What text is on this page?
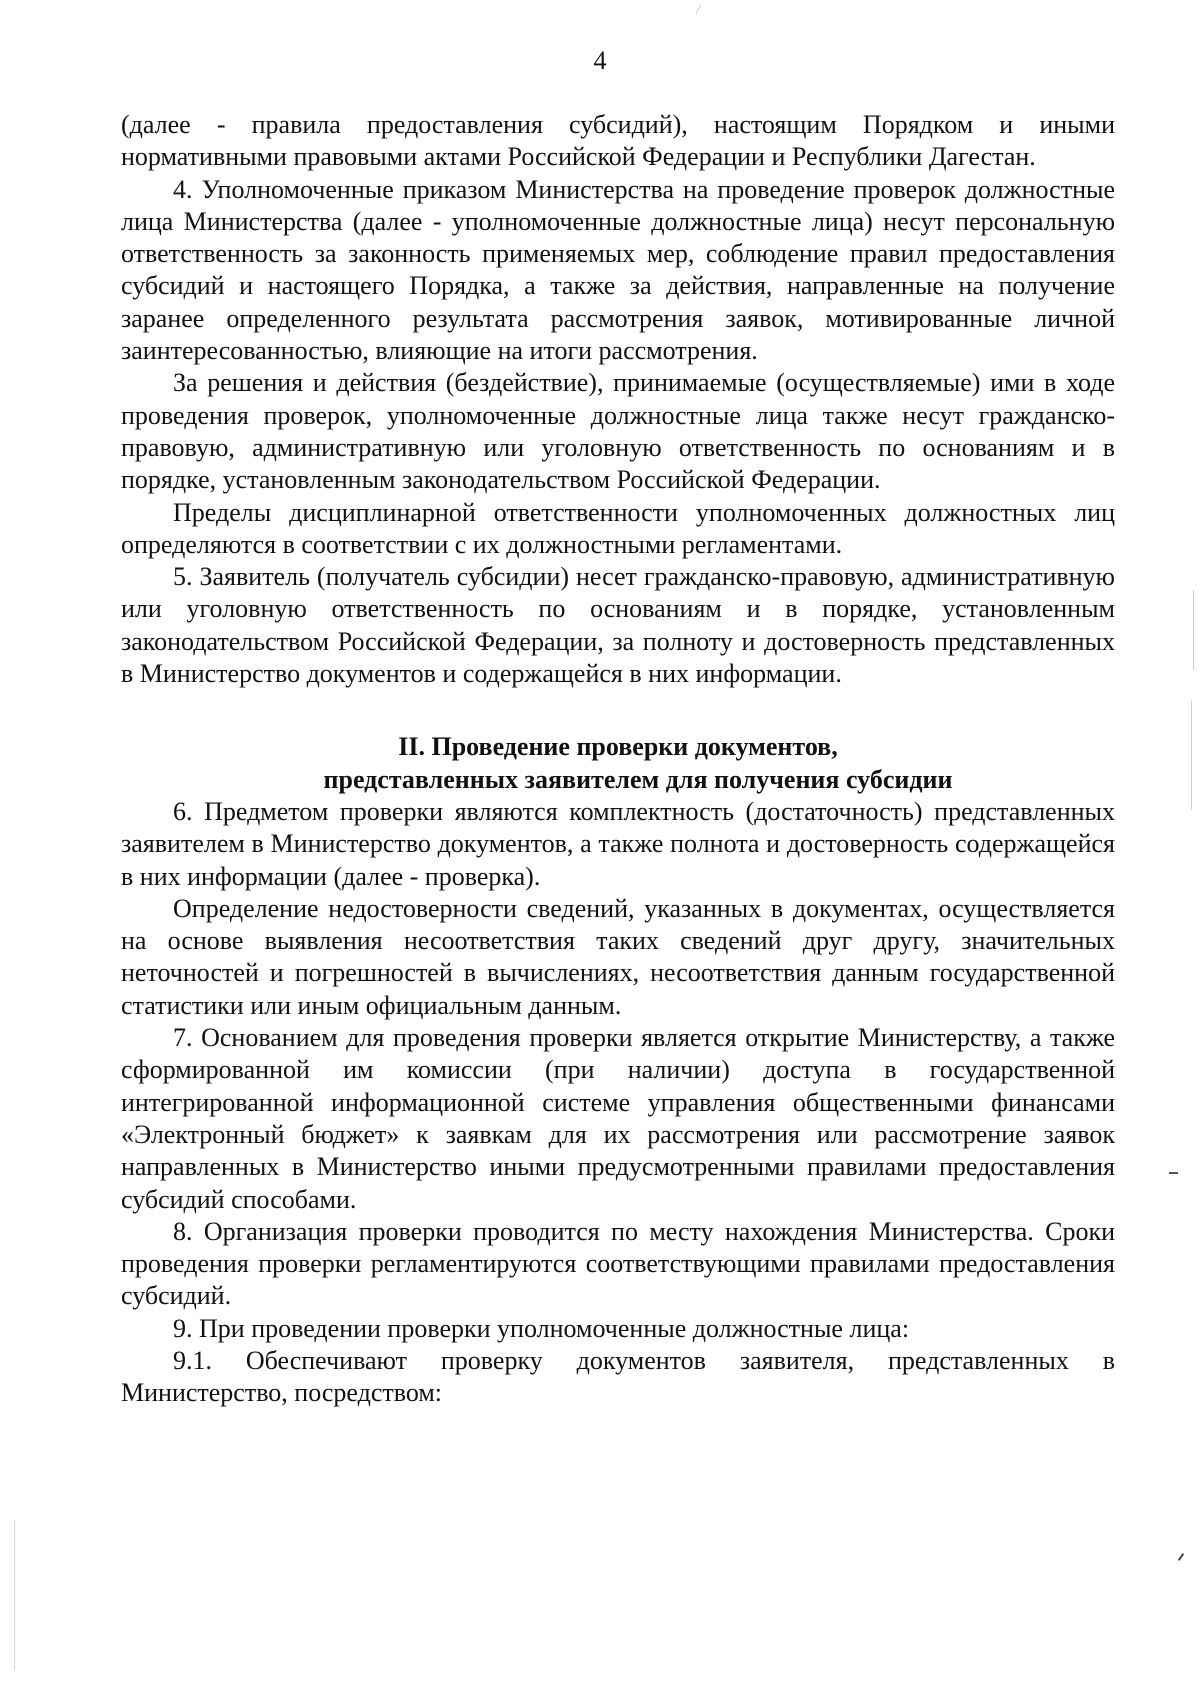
4

(далее - правила предоставления субсидий), настоящим Порядком и иными нормативными правовыми актами Российской Федерации и Республики Дагестан.

4. Уполномоченные приказом Министерства на проведение проверок должностные лица Министерства (далее - уполномоченные должностные лица) несут персональную ответственность за законность применяемых мер, соблюдение правил предоставления субсидий и настоящего Порядка, а также за действия, направленные на получение заранее определенного результата рассмотрения заявок, мотивированные личной заинтересованностью, влияющие на итоги рассмотрения.

За решения и действия (бездействие), принимаемые (осуществляемые) ими в ходе проведения проверок, уполномоченные должностные лица также несут гражданско-правовую, административную или уголовную ответственность по основаниям и в порядке, установленным законодательством Российской Федерации.

Пределы дисциплинарной ответственности уполномоченных должностных лиц определяются в соответствии с их должностными регламентами.

5. Заявитель (получатель субсидии) несет гражданско-правовую, административную или уголовную ответственность по основаниям и в порядке, установленным законодательством Российской Федерации, за полноту и достоверность представленных в Министерство документов и содержащейся в них информации.

II. Проведение проверки документов,
представленных заявителем для получения субсидии

6. Предметом проверки являются комплектность (достаточность) представленных заявителем в Министерство документов, а также полнота и достоверность содержащейся в них информации (далее - проверка).

Определение недостоверности сведений, указанных в документах, осуществляется на основе выявления несоответствия таких сведений друг другу, значительных неточностей и погрешностей в вычислениях, несоответствия данным государственной статистики или иным официальным данным.

7. Основанием для проведения проверки является открытие Министерству, а также сформированной им комиссии (при наличии) доступа в государственной интегрированной информационной системе управления общественными финансами «Электронный бюджет» к заявкам для их рассмотрения или рассмотрение заявок направленных в Министерство иными предусмотренными правилами предоставления субсидий способами.

8. Организация проверки проводится по месту нахождения Министерства. Сроки проведения проверки регламентируются соответствующими правилами предоставления субсидий.

9. При проведении проверки уполномоченные должностные лица:

9.1. Обеспечивают проверку документов заявителя, представленных в Министерство, посредством:
